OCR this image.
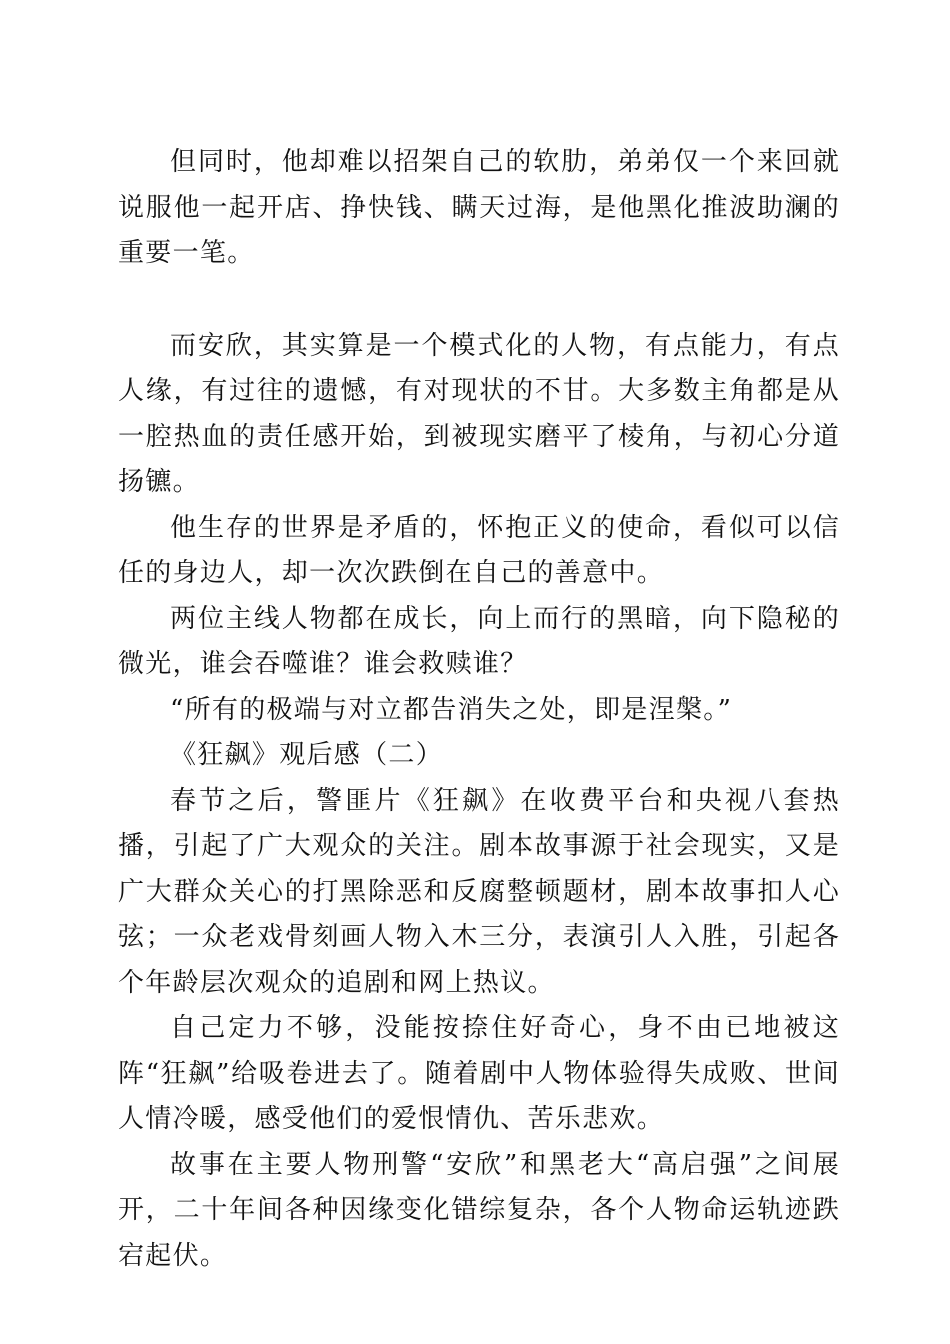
但同时，他却难以招架自己的软肋，弟弟仅一个来回就说服他一起开店、挣快钱、瞒天过海，是他黑化推波助澜的重要一笔。

而安欣，其实算是一个模式化的人物，有点能力，有点人缘，有过往的遗憾，有对现状的不甘。大多数主角都是从一腔热血的责任感开始，到被现实磨平了棱角，与初心分道扬镳。

他生存的世界是矛盾的，怀抱正义的使命，看似可以信任的身边人，却一次次跌倒在自己的善意中。

两位主线人物都在成长，向上而行的黑暗，向下隐秘的微光，谁会吞噬谁？谁会救赎谁？

“所有的极端与对立都告消失之处，即是涅槃。”

《狂飙》观后感（二）

春节之后，警匪片《狂飙》在收费平台和央视八套热播，引起了广大观众的关注。剧本故事源于社会现实，又是广大群众关心的打黑除恶和反腐整顿题材，剧本故事扣人心弦；一众老戏骨刻画人物入木三分，表演引人入胜，引起各个年龄层次观众的追剧和网上热议。

自己定力不够，没能按捺住好奇心，身不由已地被这阵“狂飙”给吸卷进去了。随着剧中人物体验得失成败、世间人情冷暖，感受他们的爱恨情仇、苦乐悲欢。

故事在主要人物刑警“安欣”和黑老大“高启强”之间展开，二十年间各种因缘变化错综复杂，各个人物命运轨迹跌宕起伏。
